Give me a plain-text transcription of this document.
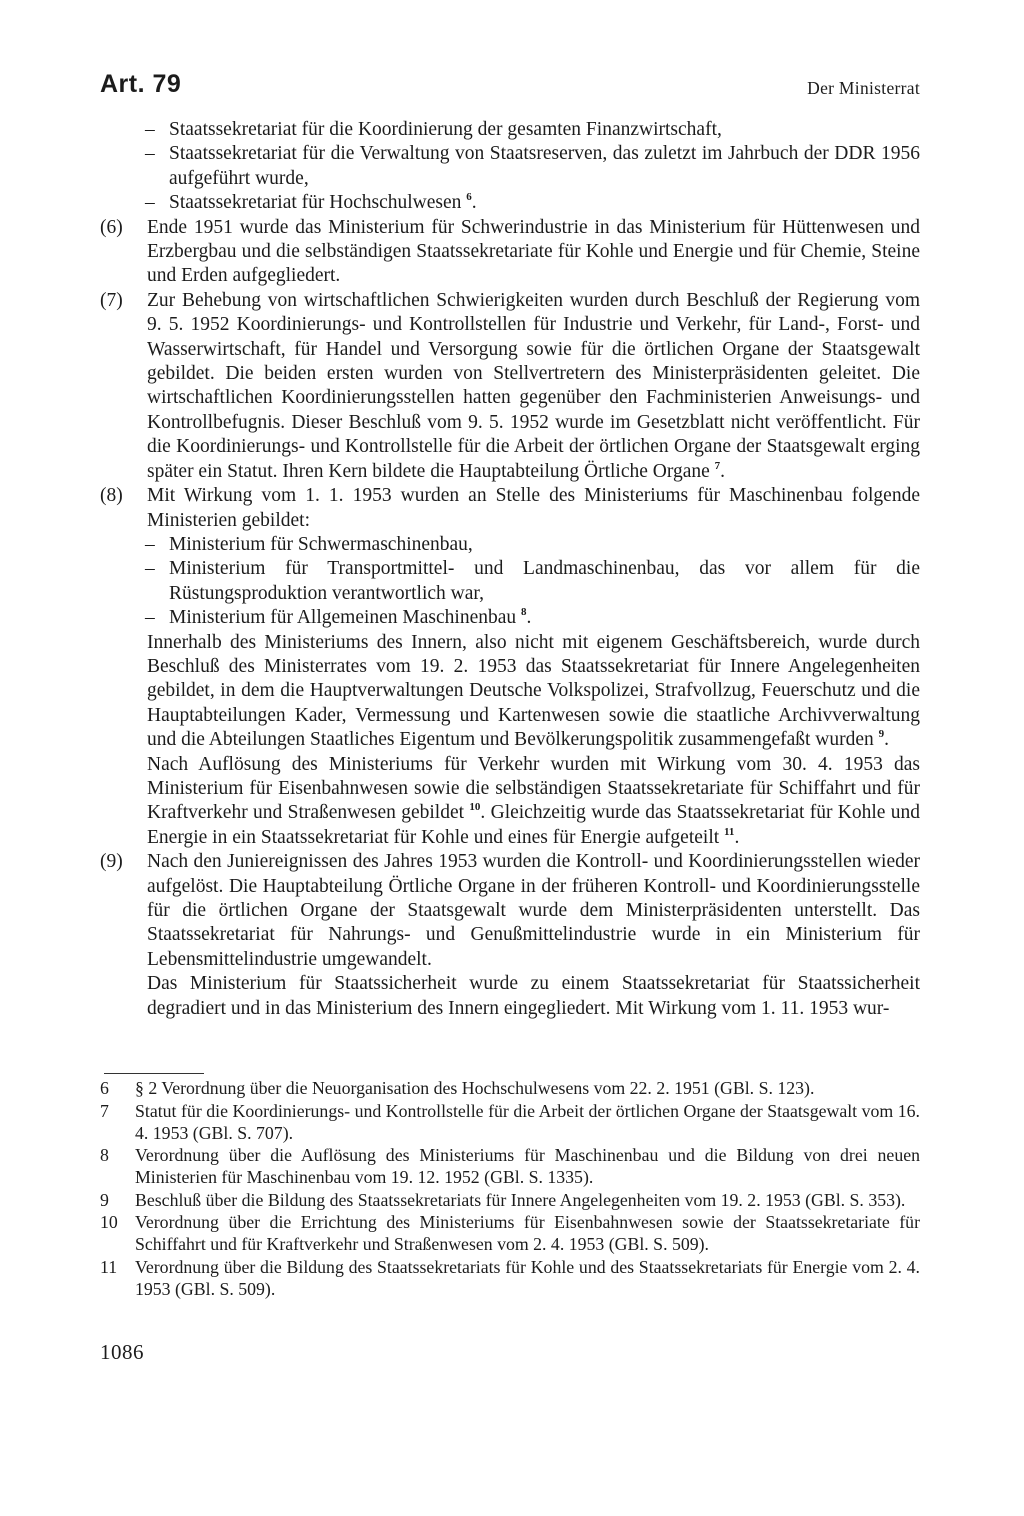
Art. 79	Der Ministerrat
– Staatssekretariat für die Koordinierung der gesamten Finanzwirtschaft,
– Staatssekretariat für die Verwaltung von Staatsreserven, das zuletzt im Jahrbuch der DDR 1956 aufgeführt wurde,
– Staatssekretariat für Hochschulwesen $^6$.
(6) Ende 1951 wurde das Ministerium für Schwerindustrie in das Ministerium für Hüttenwesen und Erzbergbau und die selbständigen Staatssekretariate für Kohle und Energie und für Chemie, Steine und Erden aufgegliedert.
(7) Zur Behebung von wirtschaftlichen Schwierigkeiten wurden durch Beschluß der Regierung vom 9. 5. 1952 Koordinierungs- und Kontrollstellen für Industrie und Verkehr, für Land-, Forst- und Wasserwirtschaft, für Handel und Versorgung sowie für die örtlichen Organe der Staatsgewalt gebildet. Die beiden ersten wurden von Stellvertretern des Ministerpräsidenten geleitet. Die wirtschaftlichen Koordinierungsstellen hatten gegenüber den Fachministerien Anweisungs- und Kontrollbefugnis. Dieser Beschluß vom 9. 5. 1952 wurde im Gesetzblatt nicht veröffentlicht. Für die Koordinierungs- und Kontrollstelle für die Arbeit der örtlichen Organe der Staatsgewalt erging später ein Statut. Ihren Kern bildete die Hauptabteilung Örtliche Organe $^7$.
(8) Mit Wirkung vom 1. 1. 1953 wurden an Stelle des Ministeriums für Maschinenbau folgende Ministerien gebildet:
– Ministerium für Schwermaschinenbau,
– Ministerium für Transportmittel- und Landmaschinenbau, das vor allem für die Rüstungsproduktion verantwortlich war,
– Ministerium für Allgemeinen Maschinenbau $^8$.
Innerhalb des Ministeriums des Innern, also nicht mit eigenem Geschäftsbereich, wurde durch Beschluß des Ministerrates vom 19. 2. 1953 das Staatssekretariat für Innere Angelegenheiten gebildet, in dem die Hauptverwaltungen Deutsche Volkspolizei, Strafvollzug, Feuerschutz und die Hauptabteilungen Kader, Vermessung und Kartenwesen sowie die staatliche Archivverwaltung und die Abteilungen Staatliches Eigentum und Bevölkerungspolitik zusammengefaßt wurden $^9$.
Nach Auflösung des Ministeriums für Verkehr wurden mit Wirkung vom 30. 4. 1953 das Ministerium für Eisenbahnwesen sowie die selbständigen Staatssekretariate für Schiffahrt und für Kraftverkehr und Straßenwesen gebildet $^{10}$. Gleichzeitig wurde das Staatssekretariat für Kohle und Energie in ein Staatssekretariat für Kohle und eines für Energie aufgeteilt $^{11}$.
(9) Nach den Juniereignissen des Jahres 1953 wurden die Kontroll- und Koordinierungsstellen wieder aufgelöst. Die Hauptabteilung Örtliche Organe in der früheren Kontroll- und Koordinierungsstelle für die örtlichen Organe der Staatsgewalt wurde dem Ministerpräsidenten unterstellt. Das Staatssekretariat für Nahrungs- und Genußmittelindustrie wurde in ein Ministerium für Lebensmittelindustrie umgewandelt.
Das Ministerium für Staatssicherheit wurde zu einem Staatssekretariat für Staatssicherheit degradiert und in das Ministerium des Innern eingegliedert. Mit Wirkung vom 1. 11. 1953 wur-
6	§ 2 Verordnung über die Neuorganisation des Hochschulwesens vom 22. 2. 1951 (GBl. S. 123).
7	Statut für die Koordinierungs- und Kontrollstelle für die Arbeit der örtlichen Organe der Staatsgewalt vom 16. 4. 1953 (GBl. S. 707).
8	Verordnung über die Auflösung des Ministeriums für Maschinenbau und die Bildung von drei neuen Ministerien für Maschinenbau vom 19. 12. 1952 (GBl. S. 1335).
9	Beschluß über die Bildung des Staatssekretariats für Innere Angelegenheiten vom 19. 2. 1953 (GBl. S. 353).
10 Verordnung über die Errichtung des Ministeriums für Eisenbahnwesen sowie der Staatssekretariate für Schiffahrt und für Kraftverkehr und Straßenwesen vom 2. 4. 1953 (GBl. S. 509).
11 Verordnung über die Bildung des Staatssekretariats für Kohle und des Staatssekretariats für Energie vom 2. 4. 1953 (GBl. S. 509).
1086
